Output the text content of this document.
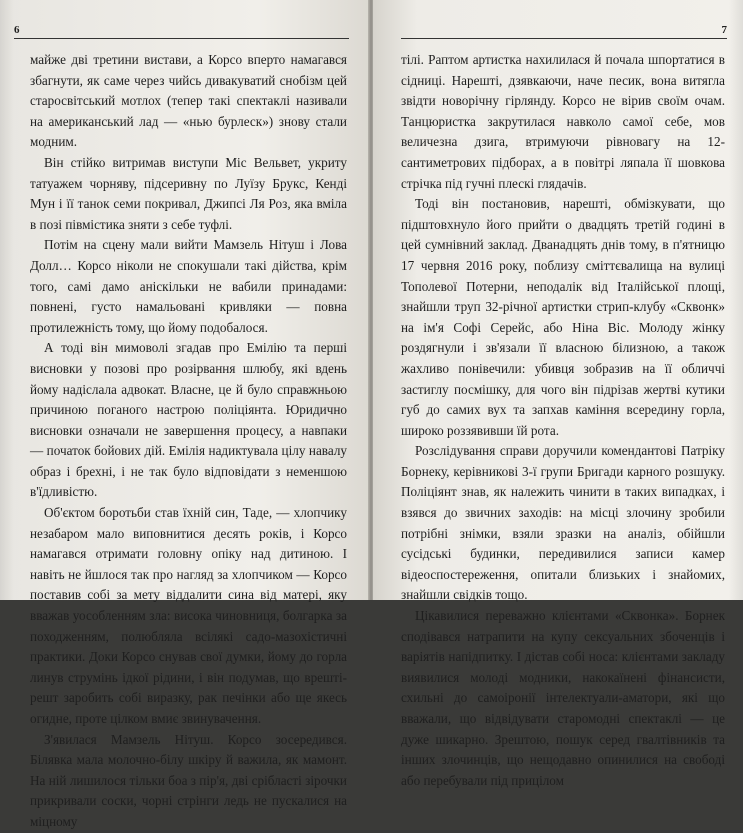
6

майже дві третини вистави, а Корсо вперто намагався збагнути, як саме через чийсь дивакуватий снобізм цей старосвітський мотлох (тепер такі спектаклі називали на американський лад — «нью бурлеск») знову стали модним.

Він стійко витримав виступи Міс Вельвет, укриту татуажем чорняву, підсеривну по Луїзу Брукс, Кенді Мун і її танок семи покривал, Джипсі Ля Роз, яка вміла в позі півмістика зняти з себе туфлі.

Потім на сцену мали вийти Мамзель Нітуш і Лова Долл… Корсо ніколи не спокушали такі дійства, крім того, самі дамо аніскільки не вабили принадами: повнені, густо намальовані кривляки — повна протилежність тому, що йому подобалося.

А тоді він мимоволі згадав про Емілію та перші висновки у позові про розірвання шлюбу, які вдень йому надіслала адвокат. Власне, це й було справжньою причиною поганого настрою поліціянта. Юридично висновки означали не завершення процесу, а навпаки — початок бойових дій. Емілія надиктувала цілу навалу образ і брехні, і не так було відповідати з неменшою в'їдливістю.

Об'єктом боротьби став їхній син, Таде, — хлопчику незабаром мало виповнитися десять років, і Корсо намагався отримати головну опіку над дитиною. І навіть не йшлося так про нагляд за хлопчиком — Корсо поставив собі за мету віддалити сина від матері, яку вважав уособленням зла: висока чиновниця, болгарка за походженням, полюбляла всілякі садо-мазохістичні практики. Доки Корсо снував свої думки, йому до горла линув струмінь ідкої рідини, і він подумав, що врешті-решт заробить собі виразку, рак печінки або ще якесь огидне, проте цілком вмиє звинувачення.

З'явилася Мамзель Нітуш. Корсо зосередився. Білявка мала молочно-білу шкіру й важила, як мамонт. На ній лишилося тільки боа з пір'я, дві срібласті зірочки прикривали соски, чорні стрінги ледь не пускалися на міцному

7

тілі. Раптом артистка нахилилася й почала шпортатися в сідниці. Нарешті, дзявкаючи, наче песик, вона витягла звідти новорічну гірлянду. Корсо не вірив своїм очам. Танцюристка закрутилася навколо самої себе, мов величезна дзига, втримуючи рівновагу на 12-сантиметрових підборах, а в повітрі ляпала її шовкова стрічка під гучні плескі глядачів.

Тоді він постановив, нарешті, обмізкувати, що підштовхнуло його прийти о двадцять третій годині в цей сумнівний заклад. Дванадцять днів тому, в п'ятницю 17 червня 2016 року, поблизу сміттєвалища на вулиці Тополевої Потерни, неподалік від Італійської площі, знайшли труп 32-річної артистки стрип-клубу «Сквонк» на ім'я Софі Серейс, або Ніна Віс. Молоду жінку роздягнули і зв'язали її власною білизною, а також жахливо понівечили: убивця зобразив на її обличчі застиглу посмішку, для чого він підрізав жертві кутики губ до самих вух та запхав каміння всередину горла, широко роззявивши їй рота.

Розслідування справи доручили комендантові Патріку Борнеку, керівникові 3-ї групи Бригади карного розшуку. Поліціянт знав, як належить чинити в таких випадках, і взявся до звичних заходів: на місці злочину зробили потрібні знімки, взяли зразки на аналіз, обійшли сусідські будинки, передивилися записи камер відеоспостереження, опитали близьких і знайомих, знайшли свідків тощо.

Цікавилися переважно клієнтами «Сквонка». Борнек сподівався натрапити на купу сексуальних збоченців і варіятів напідпитку. І дістав собі носа: клієнтами закладу виявилися молоді модники, накокаїнені фінансисти, схильні до самоіронії інтелектуали-аматори, які що вважали, що відвідувати старомодні спектаклі — це дуже шикарно. Зрештою, пошук серед гвалтівників та інших злочинців, що нещодавно опинилися на свободі або перебували під прицілом
